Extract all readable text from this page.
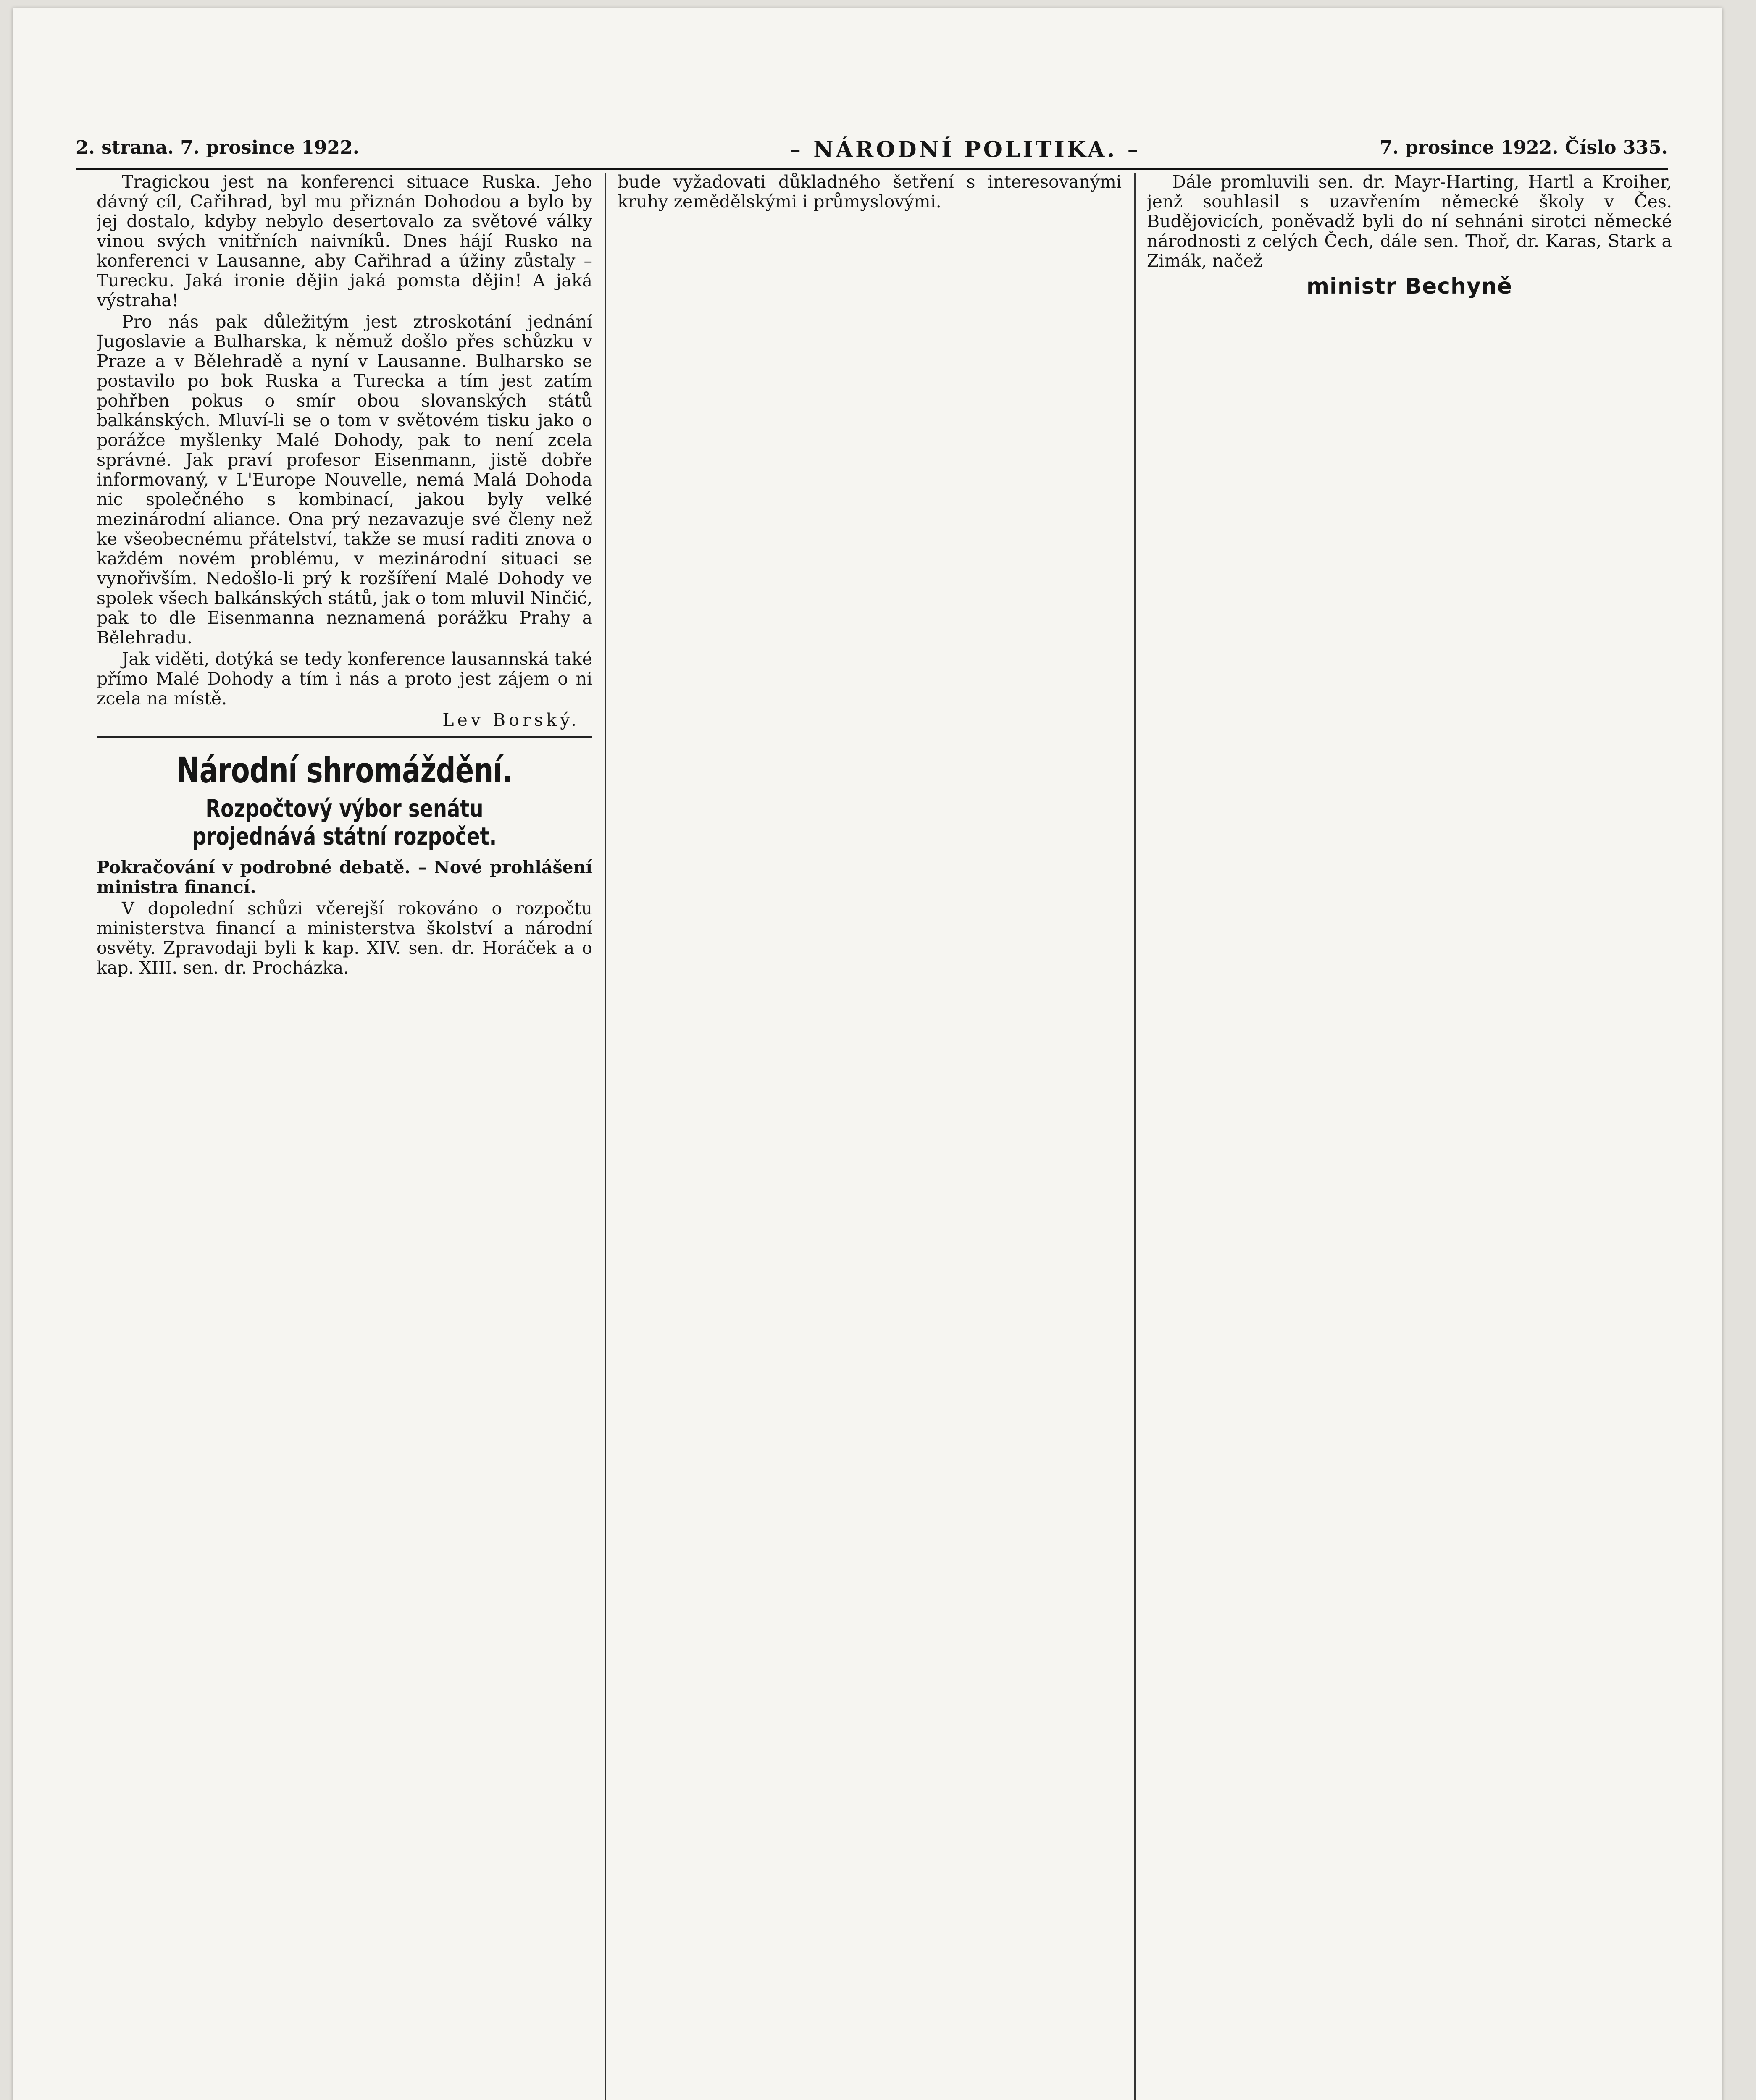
2. strana. 7. prosince 1922.	– NÁRODNÍ POLITIKA. –	7. prosince 1922. Číslo 335.

Tragickou jest na konferenci situace Ruska. Jeho dávný cíl, Cařihrad, byl mu přiznán Dohodou a bylo by jej dostalo, kdyby nebylo desertovalo za světové války vinou svých vnitřních naivníků. Dnes hájí Rusko na konferenci v Lausanne, aby Cařihrad a úžiny zůstaly – Turecku. Jaká ironie dějin jaká pomsta dějin! A jaká výstraha!

Pro nás pak důležitým jest ztroskotání jednání Jugoslavie a Bulharska, k němuž došlo přes schůzku v Praze a v Bělehradě a nyní v Lausanne. Bulharsko se postavilo po bok Ruska a Turecka a tím jest zatím pohřben pokus o smír obou slovanských států balkánských. Mluví-li se o tom v světovém tisku jako o porážce myšlenky Malé Dohody, pak to není zcela správné. Jak praví profesor Eisenmann, jistě dobře informovaný, v L'Europe Nouvelle, nemá Malá Dohoda nic společného s kombinací, jakou byly velké mezinárodní aliance. Ona prý nezavazuje své členy než ke všeobecnému přátelství, takže se musí raditi znova o každém novém problému, v mezinárodní situaci se vynořivším. Nedošlo-li prý k rozšíření Malé Dohody ve spolek všech balkánských států, jak o tom mluvil Ninčić, pak to dle Eisenmanna neznamená porážku Prahy a Bělehradu.

Jak viděti, dotýká se tedy konference lausannská také přímo Malé Dohody a tím i nás a proto jest zájem o ni zcela na místě.

Lev Borský.

Národní shromáždění.
Rozpočtový výbor senátu projednává státní rozpočet.

Pokračování v podrobné debatě. – Nové prohlášení ministra financí.

V dopolední schůzi včerejší rokováno o rozpočtu ministerstva financí a ministerstva školství a národní osvěty. Zpravodaji byli k kap. XIV. sen. dr. Horáček a o kap. XIII. sen. dr. Procházka.

bude vyžadovati důkladného šetření s interesovanými kruhy zemědělskými i průmyslovými.

Dále promluvili sen. dr. Mayr-Harting, Hartl a Kroiher, jenž souhlasil s uzavřením německé školy v Čes. Budějovicích, poněvadž byli do ní sehnáni sirotci německé národnosti z celých Čech, dále sen. Thoř, dr. Karas, Stark a Zimák, načež

ministr Bechyně
